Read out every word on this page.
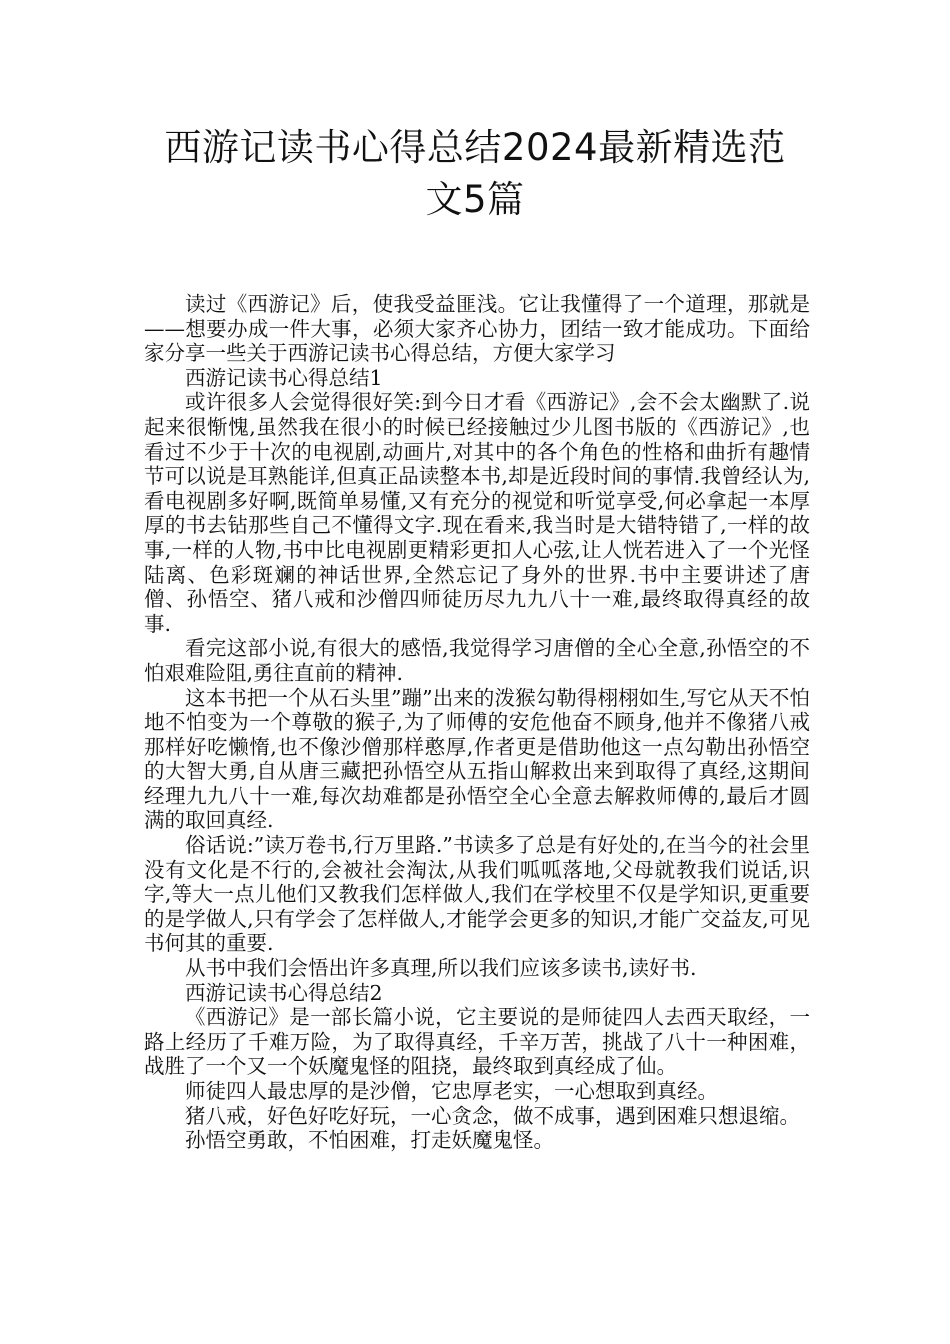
西游记读书心得总结2024最新精选范
文5篇

读过《西游记》后，使我受益匪浅。它让我懂得了一个道理，那就是——想要办成一件大事，必须大家齐心协力，团结一致才能成功。下面给家分享一些关于西游记读书心得总结，方便大家学习

西游记读书心得总结1

或许很多人会觉得很好笑:到今日才看《西游记》,会不会太幽默了.说起来很惭愧,虽然我在很小的时候已经接触过少儿图书版的《西游记》,也看过不少于十次的电视剧,动画片,对其中的各个角色的性格和曲折有趣情节可以说是耳熟能详,但真正品读整本书,却是近段时间的事情.我曾经认为,看电视剧多好啊,既简单易懂,又有充分的视觉和听觉享受,何必拿起一本厚厚的书去钻那些自己不懂得文字.现在看来,我当时是大错特错了,一样的故事,一样的人物,书中比电视剧更精彩更扣人心弦,让人恍若进入了一个光怪陆离、色彩斑斓的神话世界,全然忘记了身外的世界.书中主要讲述了唐僧、孙悟空、猪八戒和沙僧四师徒历尽九九八十一难,最终取得真经的故事.

看完这部小说,有很大的感悟,我觉得学习唐僧的全心全意,孙悟空的不怕艰难险阻,勇往直前的精神.

这本书把一个从石头里”蹦”出来的泼猴勾勒得栩栩如生,写它从天不怕地不怕变为一个尊敬的猴子,为了师傅的安危他奋不顾身,他并不像猪八戒那样好吃懒惰,也不像沙僧那样憨厚,作者更是借助他这一点勾勒出孙悟空的大智大勇,自从唐三藏把孙悟空从五指山解救出来到取得了真经,这期间经理九九八十一难,每次劫难都是孙悟空全心全意去解救师傅的,最后才圆满的取回真经.

俗话说:”读万卷书,行万里路.”书读多了总是有好处的,在当今的社会里没有文化是不行的,会被社会淘汰,从我们呱呱落地,父母就教我们说话,识字,等大一点儿他们又教我们怎样做人,我们在学校里不仅是学知识,更重要的是学做人,只有学会了怎样做人,才能学会更多的知识,才能广交益友,可见书何其的重要.

从书中我们会悟出许多真理,所以我们应该多读书,读好书.

西游记读书心得总结2

《西游记》是一部长篇小说，它主要说的是师徒四人去西天取经，一路上经历了千难万险，为了取得真经，千辛万苦，挑战了八十一种困难，战胜了一个又一个妖魔鬼怪的阻挠，最终取到真经成了仙。

师徒四人最忠厚的是沙僧，它忠厚老实，一心想取到真经。

猪八戒，好色好吃好玩，一心贪念，做不成事，遇到困难只想退缩。

孙悟空勇敢，不怕困难，打走妖魔鬼怪。
